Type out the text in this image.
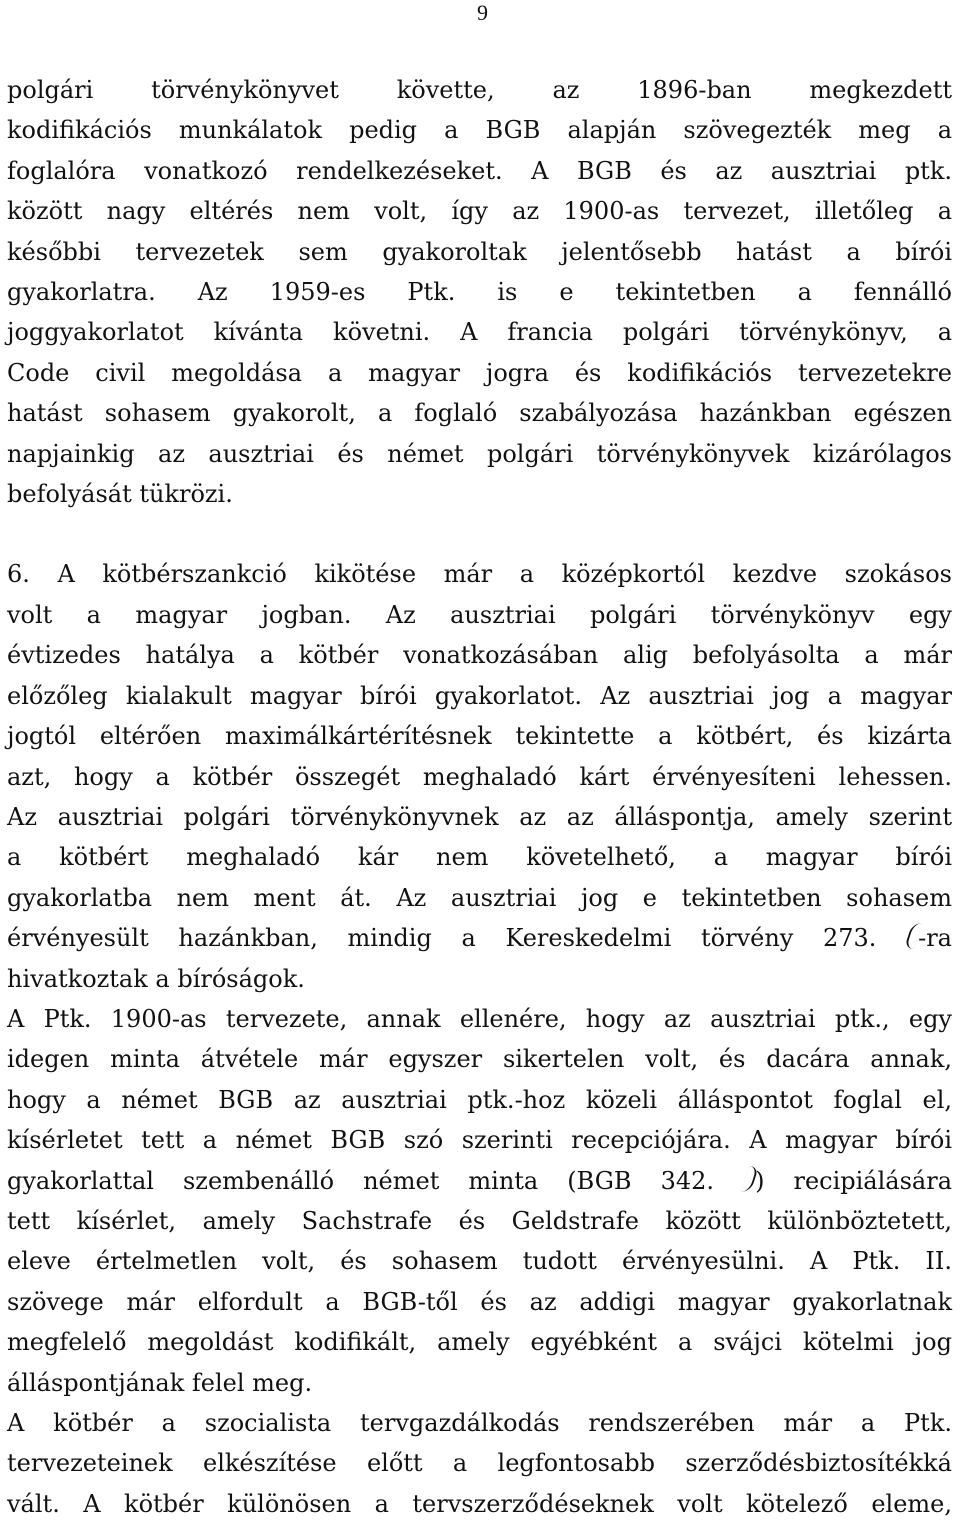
9

polgári törvénykönyvet követte, az 1896-ban megkezdett
kodifikációs munkálatok pedig a BGB alapján szövegezték meg a
foglalóra vonatkozó rendelkezéseket. A BGB és az ausztriai ptk.
között nagy eltérés nem volt, így az 1900-as tervezet, illetőleg a
későbbi tervezetek sem gyakoroltak jelentősebb hatást a bírói
gyakorlatra. Az 1959-es Ptk. is e tekintetben a fennálló
joggyakorlatot kívánta követni. A francia polgári törvénykönyv, a
Code civil megoldása a magyar jogra és kodifikációs tervezetekre
hatást sohasem gyakorolt, a foglaló szabályozása hazánkban egészen
napjainkig az ausztriai és német polgári törvénykönyvek kizárólagos
befolyását tükrözi.

6. A kötbérszankció kikötése már a középkortól kezdve szokásos
volt a magyar jogban. Az ausztriai polgári törvénykönyv egy
évtizedes hatálya a kötbér vonatkozásában alig befolyásolta a már
előzőleg kialakult magyar bírói gyakorlatot. Az ausztriai jog a magyar
jogtól eltérően maximálkártérítésnek tekintette a kötbért, és kizárta
azt, hogy a kötbér összegét meghaladó kárt érvényesíteni lehessen.
Az ausztriai polgári törvénykönyvnek az az álláspontja, amely szerint
a kötbért meghaladó kár nem követelhető, a magyar bírói
gyakorlatba nem ment át. Az ausztriai jog e tekintetben sohasem
érvényesült hazánkban, mindig a Kereskedelmi törvény 273. -ra
hivatkoztak a bíróságok.

A Ptk. 1900-as tervezete, annak ellenére, hogy az ausztriai ptk., egy
idegen minta átvétele már egyszer sikertelen volt, és dacára annak,
hogy a német BGB az ausztriai ptk.-hoz közeli álláspontot foglal el,
kísérletet tett a német BGB szó szerinti recepciójára. A magyar bírói
gyakorlattal szembenálló német minta (BGB 342. ) recipiálására
tett kísérlet, amely Sachstrafe és Geldstrafe között különböztetett,
eleve értelmetlen volt, és sohasem tudott érvényesülni. A Ptk. II.
szövege már elfordult a BGB-től és az addigi magyar gyakorlatnak
megfelelő megoldást kodifikált, amely egyébként a svájci kötelmi jog
álláspontjának felel meg.

A kötbér a szocialista tervgazdálkodás rendszerében már a Ptk.
tervezeteinek elkészítése előtt a legfontosabb szerződésbiztosítékká
vált. A kötbér különösen a tervszerződéseknek volt kötelező eleme,
